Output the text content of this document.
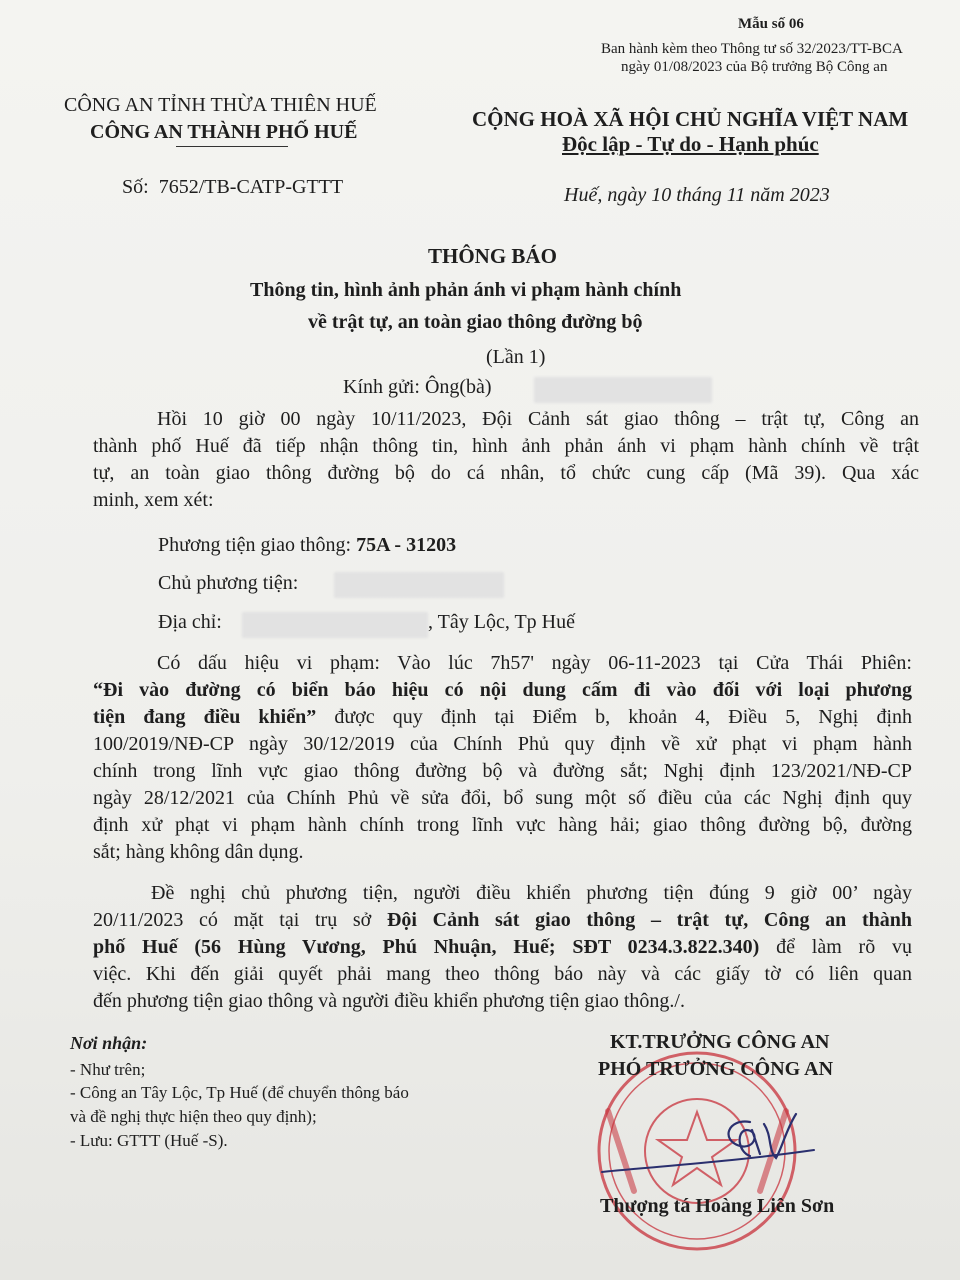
Mẫu số 06
Ban hành kèm theo Thông tư số 32/2023/TT-BCA
ngày 01/08/2023 của Bộ trưởng Bộ Công an
CÔNG AN TỈNH THỪA THIÊN HUẾ
CÔNG AN THÀNH PHỐ HUẾ
Số: 7652/TB-CATP-GTTT
CỘNG HOÀ XÃ HỘI CHỦ NGHĨA VIỆT NAM
Độc lập - Tự do - Hạnh phúc
Huế, ngày 10 tháng 11 năm 2023
THÔNG BÁO
Thông tin, hình ảnh phản ánh vi phạm hành chính
về trật tự, an toàn giao thông đường bộ
(Lần 1)
Kính gửi: Ông(bà)
Hồi 10 giờ 00 ngày 10/11/2023, Đội Cảnh sát giao thông – trật tự, Công an
thành phố Huế đã tiếp nhận thông tin, hình ảnh phản ánh vi phạm hành chính về trật
tự, an toàn giao thông đường bộ do cá nhân, tổ chức cung cấp (Mã 39). Qua xác
minh, xem xét:
Phương tiện giao thông: 75A - 31203
Chủ phương tiện:
Địa chỉ:	, Tây Lộc, Tp Huế
Có dấu hiệu vi phạm: Vào lúc 7h57' ngày 06-11-2023 tại Cửa Thái Phiên:
“Đi vào đường có biển báo hiệu có nội dung cấm đi vào đối với loại phương
tiện đang điều khiển” được quy định tại Điểm b, khoản 4, Điều 5, Nghị định
100/2019/NĐ-CP ngày 30/12/2019 của Chính Phủ quy định về xử phạt vi phạm hành
chính trong lĩnh vực giao thông đường bộ và đường sắt; Nghị định 123/2021/NĐ-CP
ngày 28/12/2021 của Chính Phủ về sửa đổi, bổ sung một số điều của các Nghị định quy
định xử phạt vi phạm hành chính trong lĩnh vực hàng hải; giao thông đường bộ, đường
sắt; hàng không dân dụng.
Đề nghị chủ phương tiện, người điều khiển phương tiện đúng 9 giờ 00’ ngày
20/11/2023 có mặt tại trụ sở Đội Cảnh sát giao thông – trật tự, Công an thành
phố Huế (56 Hùng Vương, Phú Nhuận, Huế; SĐT 0234.3.822.340) để làm rõ vụ
việc. Khi đến giải quyết phải mang theo thông báo này và các giấy tờ có liên quan
đến phương tiện giao thông và người điều khiển phương tiện giao thông./.
Nơi nhận:
- Như trên;
- Công an Tây Lộc, Tp Huế (để chuyển thông báo
và đề nghị thực hiện theo quy định);
- Lưu: GTTT (Huế -S).
KT.TRƯỞNG CÔNG AN
PHÓ TRƯỞNG CÔNG AN
Thượng tá Hoàng Liên Sơn
